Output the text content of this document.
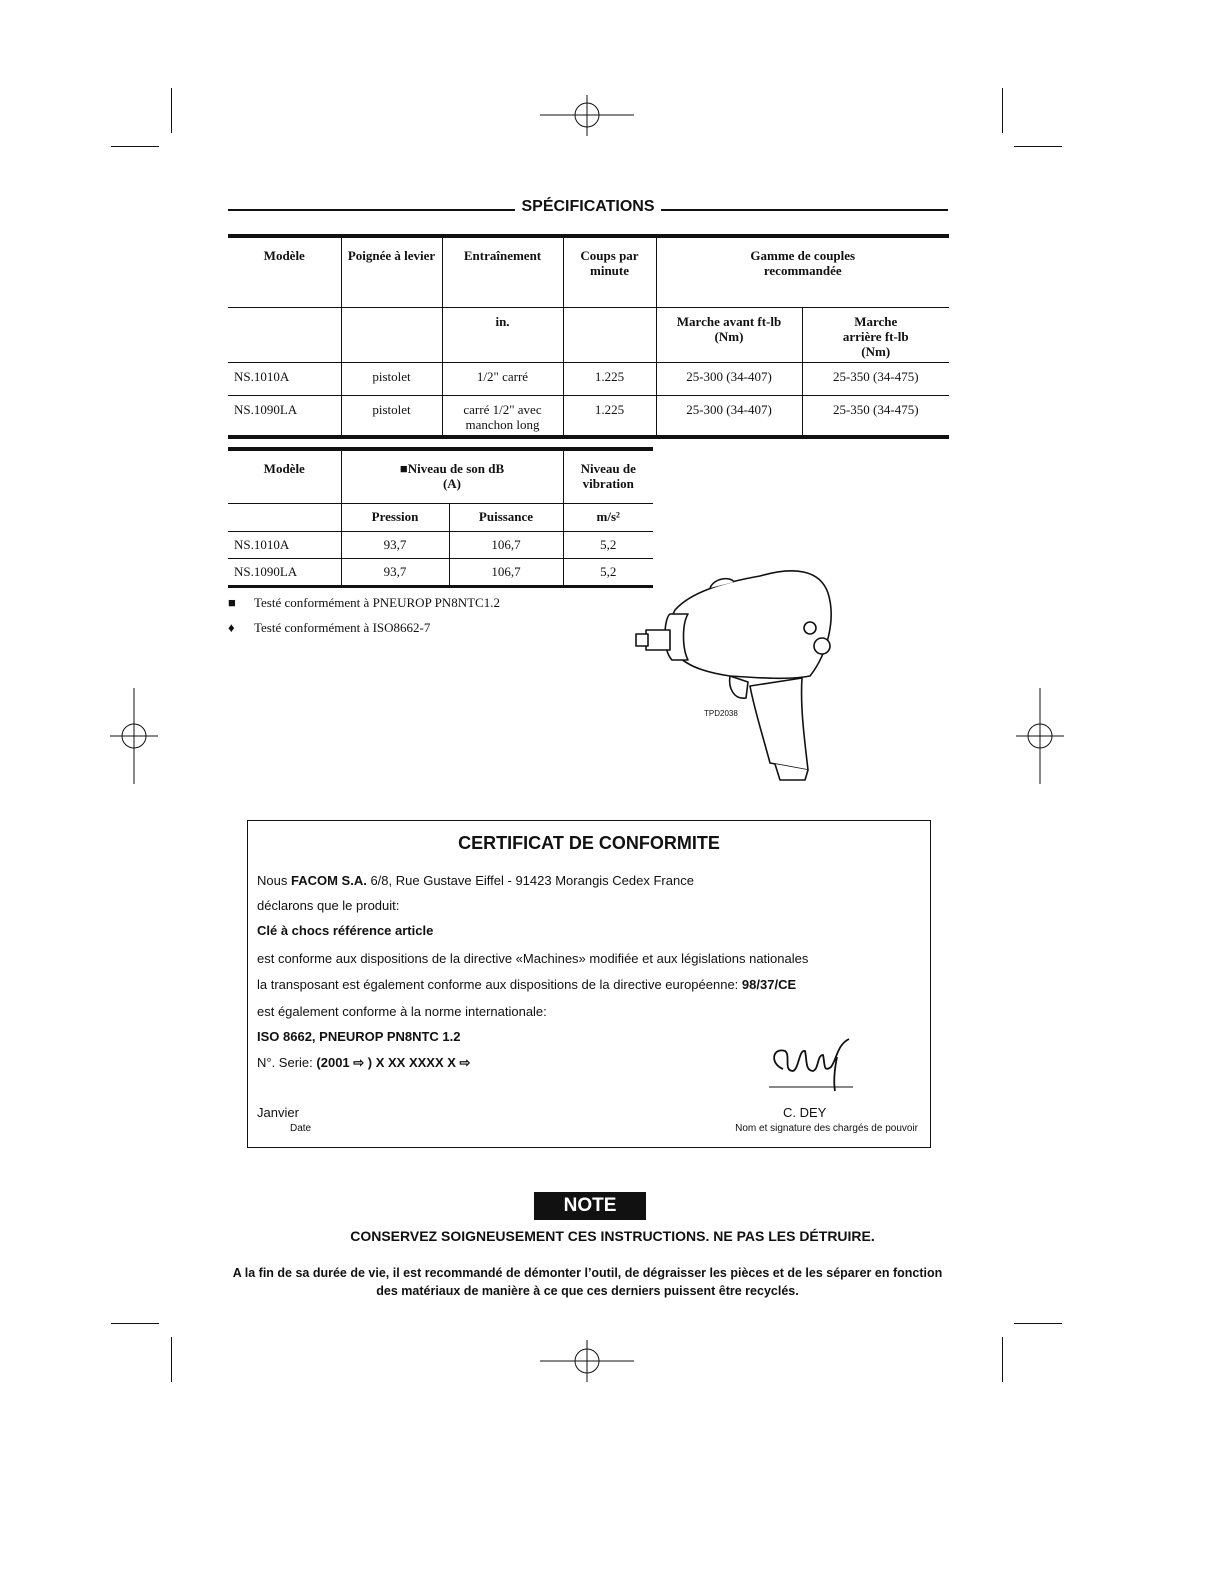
SPÉCIFICATIONS
Modèle	Poignée à levier	Entraînement	Coups par minute	Gamme de couples recommandée	

		in.		Marche avant ft-lb (Nm)	Marche arrière ft-lb (Nm)

NS.1010A	pistolet	1/2" carré	1.225	25-300 (34-407)	25-350 (34-475)
NS.1090LA	pistolet	carré 1/2" avec manchon long	1.225	25-300 (34-407)	25-350 (34-475)
Modèle	■Niveau de son dB (A)		Niveau de vibration

	Pression	Puissance	m/s²
NS.1010A	93,7	106,7	5,2
NS.1090LA	93,7	106,7	5,2
■ Testé conformément à PNEUROP PN8NTC1.2
♦ Testé conformément à ISO8662-7
TPD2038
CERTIFICAT DE CONFORMITE
Nous FACOM S.A. 6/8, Rue Gustave Eiffel - 91423 Morangis Cedex France
déclarons que le produit:
Clé à chocs référence article
est conforme aux dispositions de la directive «Machines» modifiée et aux législations nationales
la transposant est également conforme aux dispositions de la directive européenne: 98/37/CE
est également conforme à la norme internationale:
ISO 8662, PNEUROP PN8NTC 1.2
N°. Serie: (2001 ⇨ ) X XX XXXX X ⇨
Janvier
Date
C. DEY
Nom et signature des chargés de pouvoir
NOTE
CONSERVEZ SOIGNEUSEMENT CES INSTRUCTIONS. NE PAS LES DÉTRUIRE.
A la fin de sa durée de vie, il est recommandé de démonter l’outil, de dégraisser les pièces et de les séparer en fonction des matériaux de manière à ce que ces derniers puissent être recyclés.
